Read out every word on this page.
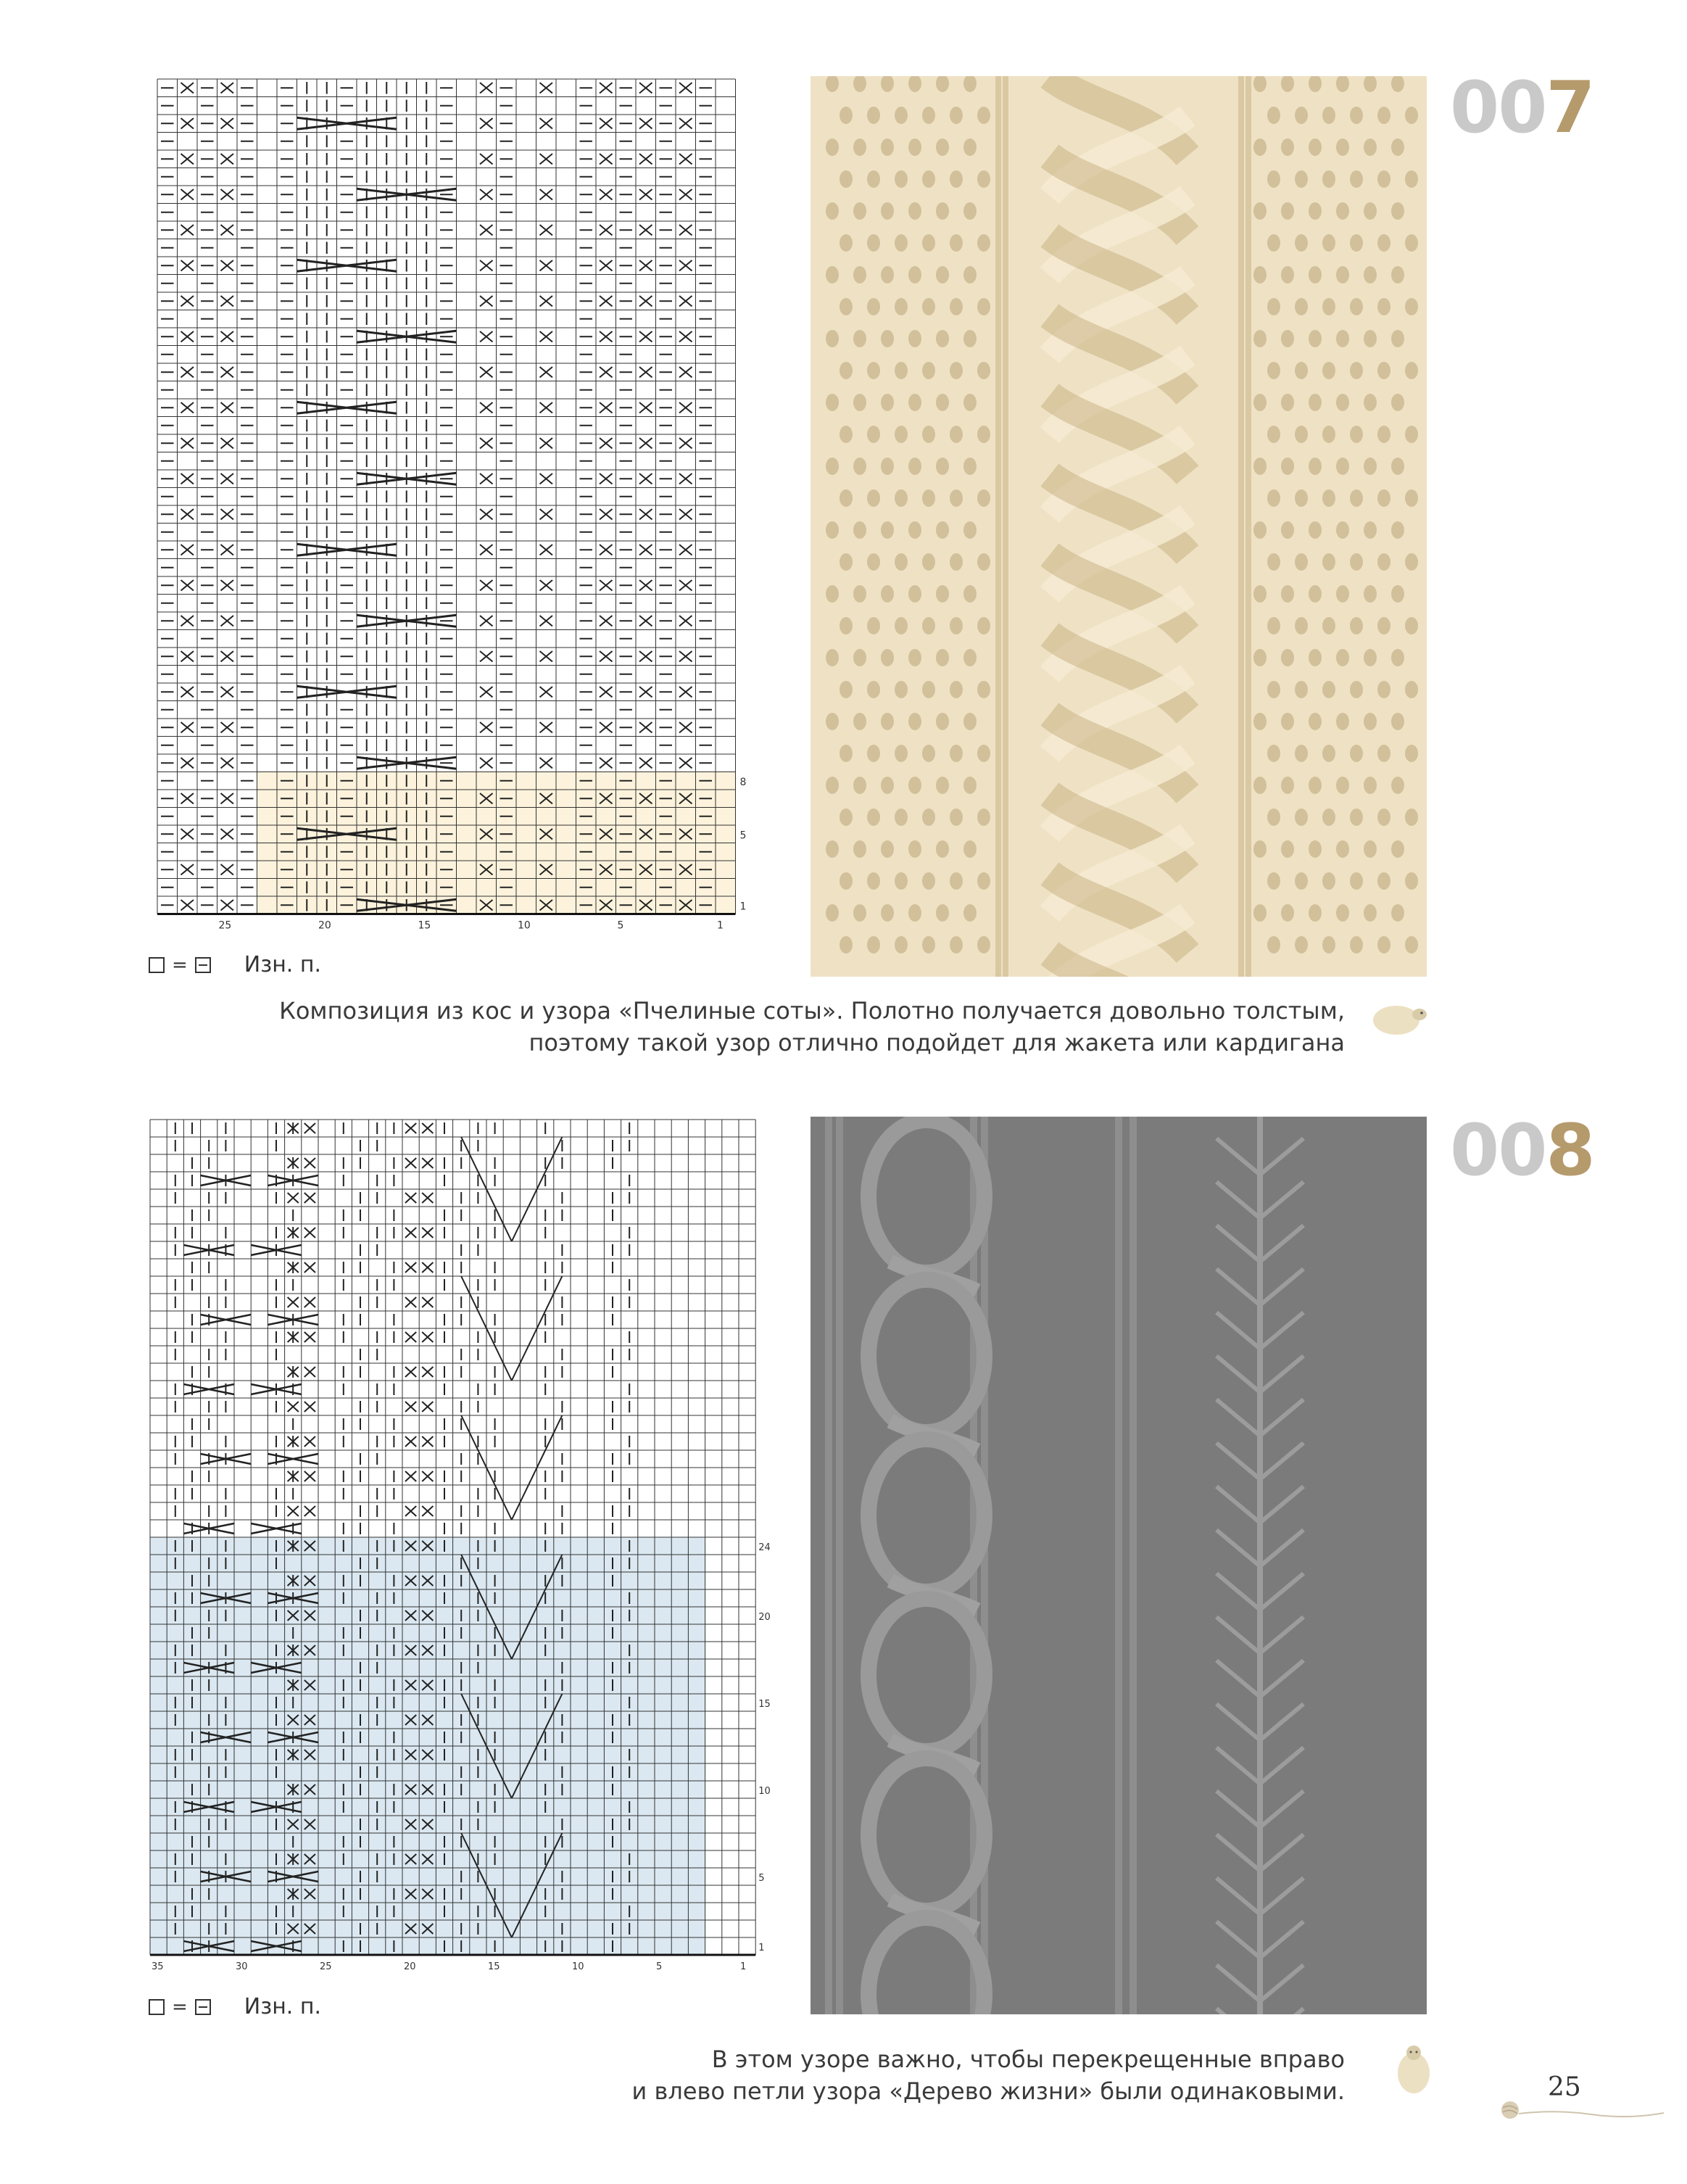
25	20	15	10	5	1
8
5
1
=	Изн. п.
007
Композиция из кос и узора «Пчелиные соты». Полотно получается довольно толстым,
поэтому такой узор отлично подойдет для жакета или кардигана
35	30	25	20	15	10	5	1
24
20
15
10
5
1
=	Изн. п.
008
В этом узоре важно, чтобы перекрещенные вправо
и влево петли узора «Дерево жизни» были одинаковыми.	25
